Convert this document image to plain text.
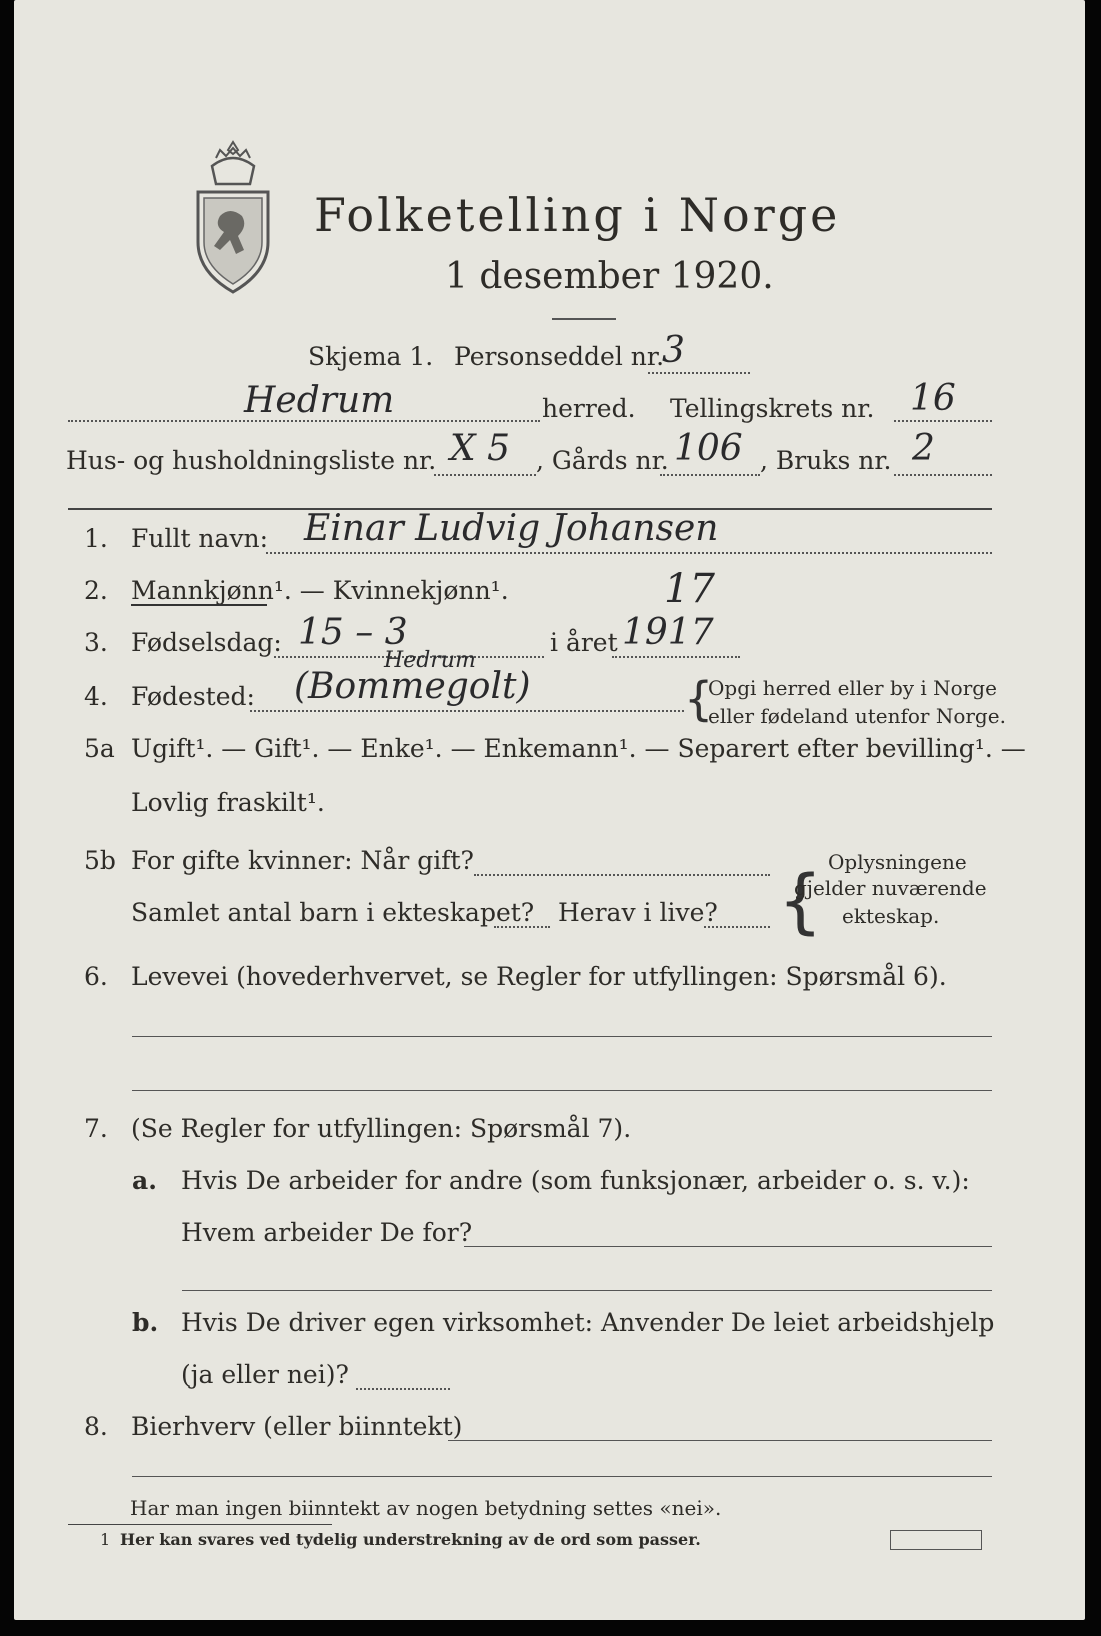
Folketelling i Norge
1 desember 1920.
Skjema 1. Personseddel nr.
3
Hedrum	herred. Tellingskrets nr. 16
Hus- og husholdningsliste nr. X 5 , Gårds nr. 106 , Bruks nr. 2
1. Fullt navn: Einar Ludvig Johansen
2. Mannkjønn¹. — Kvinnekjønn¹.	17
3. Fødselsdag: 15 – 3	i året 1917
4. Fødested:
Hedrum
(Bommegolt)	{
Opgi herred eller by i Norge
eller fødeland utenfor Norge.
5a Ugift¹. — Gift¹. — Enke¹. — Enkemann¹. — Separert efter bevilling¹. —
Lovlig fraskilt¹.
5b For gifte kvinner: Når gift?
Samlet antal barn i ekteskapet? Herav i live? { Oplysningene
gjelder nuværende
ekteskap.
6. Levevei (hovederhvervet, se Regler for utfyllingen: Spørsmål 6).
7. (Se Regler for utfyllingen: Spørsmål 7).
a. Hvis De arbeider for andre (som funksjonær, arbeider o. s. v.):
Hvem arbeider De for?
b. Hvis De driver egen virksomhet: Anvender De leiet arbeidshjelp
(ja eller nei)?
8. Bierhverv (eller biinntekt)
Har man ingen biinntekt av nogen betydning settes «nei».
1 Her kan svares ved tydelig understrekning av de ord som passer.
